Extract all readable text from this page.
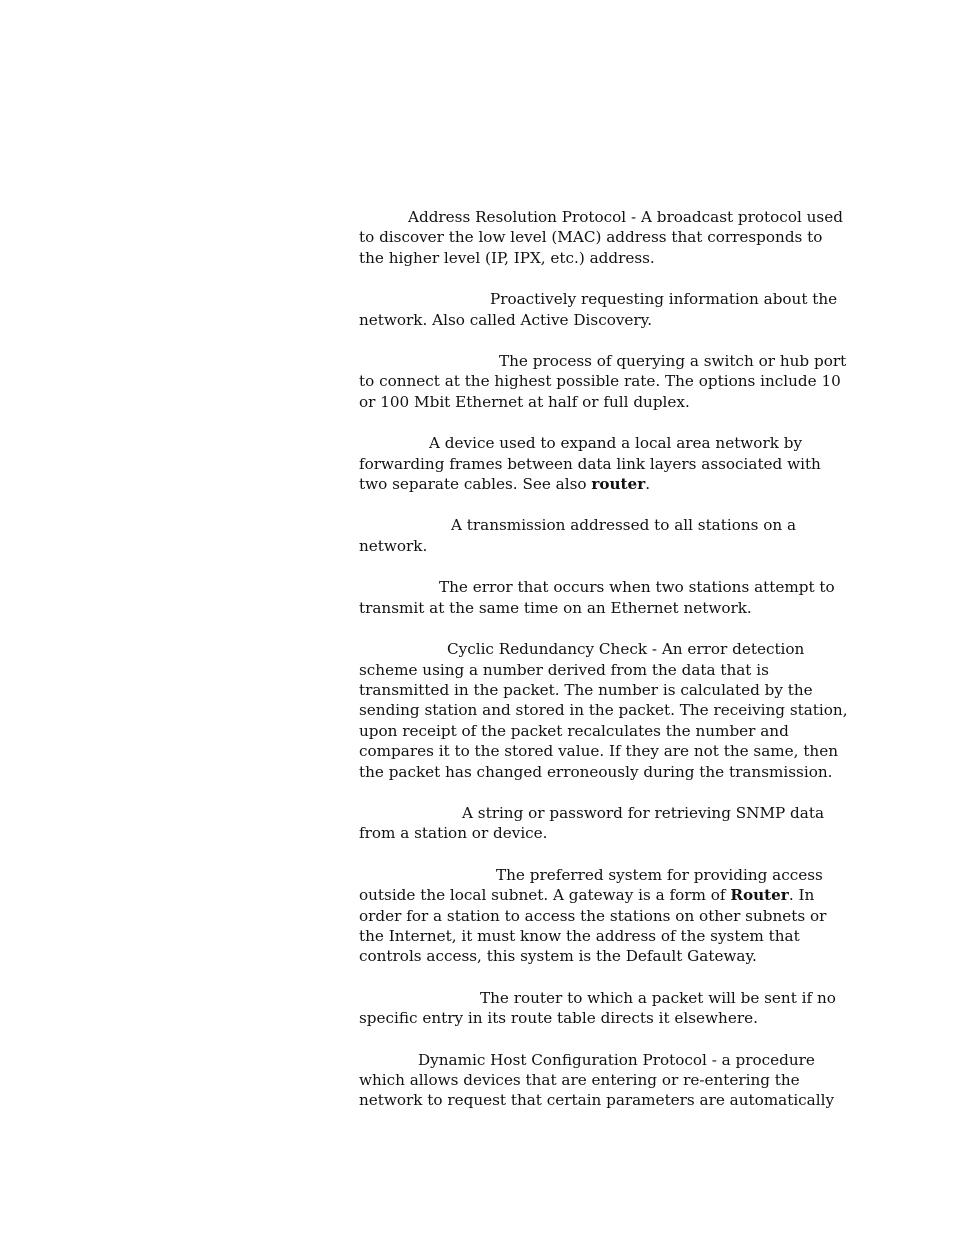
Address Resolution Protocol - A broadcast protocol used to discover the low level (MAC) address that corresponds to the higher level (IP, IPX, etc.) address.

Proactively requesting information about the network. Also called Active Discovery.

The process of querying a switch or hub port to connect at the highest possible rate. The options include 10 or 100 Mbit Ethernet at half or full duplex.

A device used to expand a local area network by forwarding frames between data link layers associated with two separate cables. See also router.

A transmission addressed to all stations on a network.

The error that occurs when two stations attempt to transmit at the same time on an Ethernet network.

Cyclic Redundancy Check - An error detection scheme using a number derived from the data that is transmitted in the packet. The number is calculated by the sending station and stored in the packet. The receiving station, upon receipt of the packet recalculates the number and compares it to the stored value. If they are not the same, then the packet has changed erroneously during the transmission.

A string or password for retrieving SNMP data from a station or device.

The preferred system for providing access outside the local subnet. A gateway is a form of Router. In order for a station to access the stations on other subnets or the Internet, it must know the address of the system that controls access, this system is the Default Gateway.

The router to which a packet will be sent if no specific entry in its route table directs it elsewhere.

Dynamic Host Configuration Protocol - a procedure which allows devices that are entering or re-entering the network to request that certain parameters are automatically
